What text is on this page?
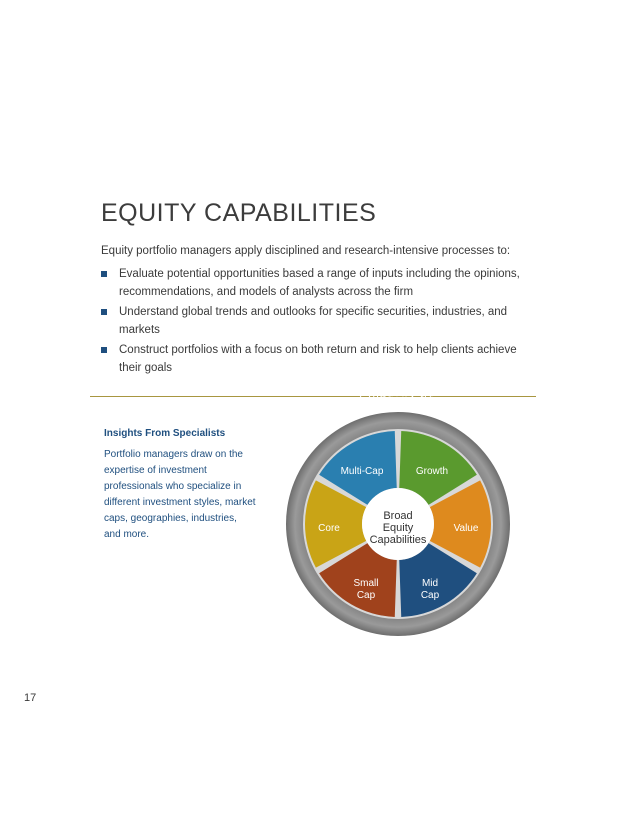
EQUITY CAPABILITIES

Equity portfolio managers apply disciplined and research-intensive processes to:

Evaluate potential opportunities based a range of inputs including the opinions, recommendations, and models of analysts across the firm
Understand global trends and outlooks for specific securities, industries, and markets
Construct portfolios with a focus on both return and risk to help clients achieve their goals
Insights From Specialists
Portfolio managers draw on the expertise of investment professionals who specialize in different investment styles, market caps, geographies, industries, and more.
Global Industry Analysts
Broad
Equity
Capabilities
Growth
Value
Mid
Cap
Small
Cap
Core
Multi-Cap
17
